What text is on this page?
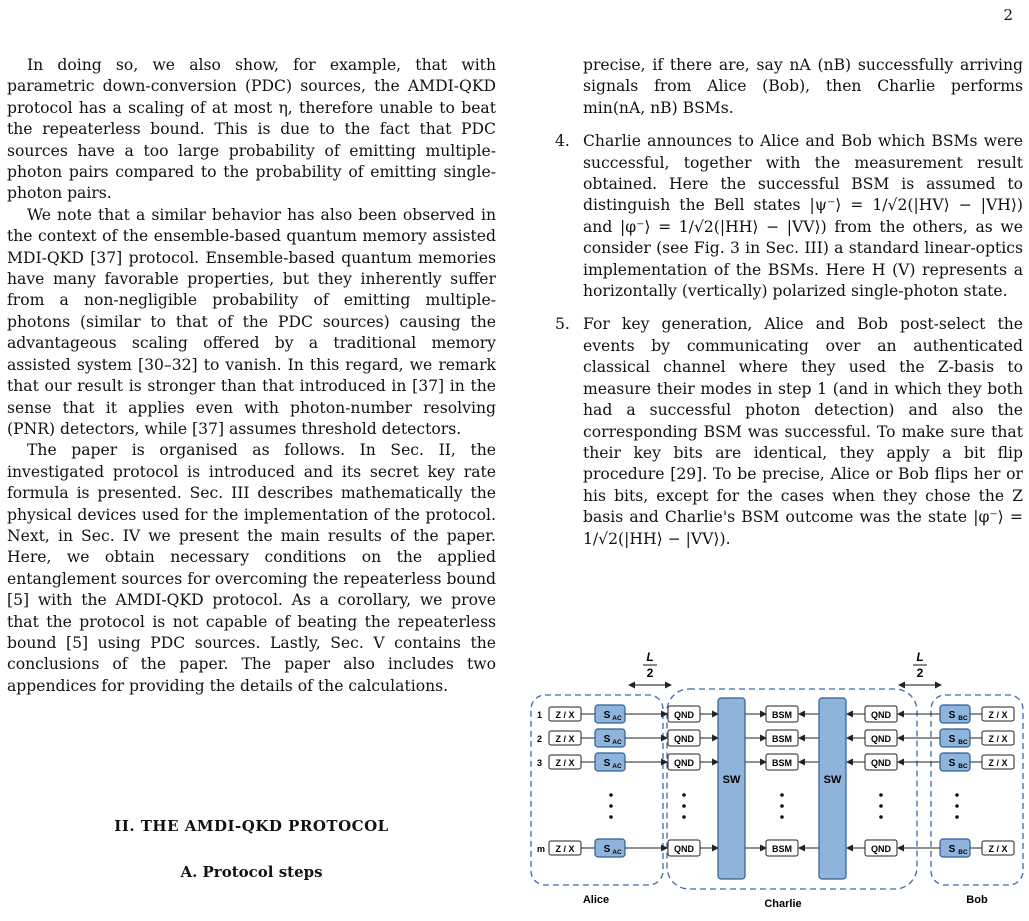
2

In doing so, we also show, for example, that with parametric down-conversion (PDC) sources, the AMDI-QKD protocol has a scaling of at most η, therefore unable to beat the repeaterless bound. This is due to the fact that PDC sources have a too large probability of emitting multiple-photon pairs compared to the probability of emitting single-photon pairs.

We note that a similar behavior has also been observed in the context of the ensemble-based quantum memory assisted MDI-QKD [37] protocol. Ensemble-based quantum memories have many favorable properties, but they inherently suffer from a non-negligible probability of emitting multiple-photons (similar to that of the PDC sources) causing the advantageous scaling offered by a traditional memory assisted system [30–32] to vanish. In this regard, we remark that our result is stronger than that introduced in [37] in the sense that it applies even with photon-number resolving (PNR) detectors, while [37] assumes threshold detectors.

The paper is organised as follows. In Sec. II, the investigated protocol is introduced and its secret key rate formula is presented. Sec. III describes mathematically the physical devices used for the implementation of the protocol. Next, in Sec. IV we present the main results of the paper. Here, we obtain necessary conditions on the applied entanglement sources for overcoming the repeaterless bound [5] with the AMDI-QKD protocol. As a corollary, we prove that the protocol is not capable of beating the repeaterless bound [5] using PDC sources. Lastly, Sec. V contains the conclusions of the paper. The paper also includes two appendices for providing the details of the calculations.

II. THE AMDI-QKD PROTOCOL
A. Protocol steps

precise, if there are, say nA (nB) successfully arriving signals from Alice (Bob), then Charlie performs min(nA, nB) BSMs.

4. Charlie announces to Alice and Bob which BSMs were successful, together with the measurement result obtained. Here the successful BSM is assumed to distinguish the Bell states |ψ⁻⟩ = 1/√2(|HV⟩ − |VH⟩) and |φ⁻⟩ = 1/√2(|HH⟩ − |VV⟩) from the others, as we consider (see Fig. 3 in Sec. III) a standard linear-optics implementation of the BSMs. Here H (V) represents a horizontally (vertically) polarized single-photon state.
5. For key generation, Alice and Bob post-select the events by communicating over an authenticated classical channel where they used the Z-basis to measure their modes in step 1 (and in which they both had a successful photon detection) and also the corresponding BSM was successful. To make sure that their key bits are identical, they apply a bit flip procedure [29]. To be precise, Alice or Bob flips her or his bits, except for the cases when they chose the Z basis and Charlie's BSM outcome was the state |φ⁻⟩ = 1/√2(|HH⟩ − |VV⟩).
L
2
L
2
1 Z / X	S AC	QND	BSM	QND	S BC Z / X
2 Z / X	S AC	QND	BSM	QND	S BC Z / X
3 Z / X	S AC	QND	BSM	QND	S BC Z / X
m Z / X	S AC	QND	BSM	QND	S BC Z / X
SW	SW
Alice	Charlie	Bob
